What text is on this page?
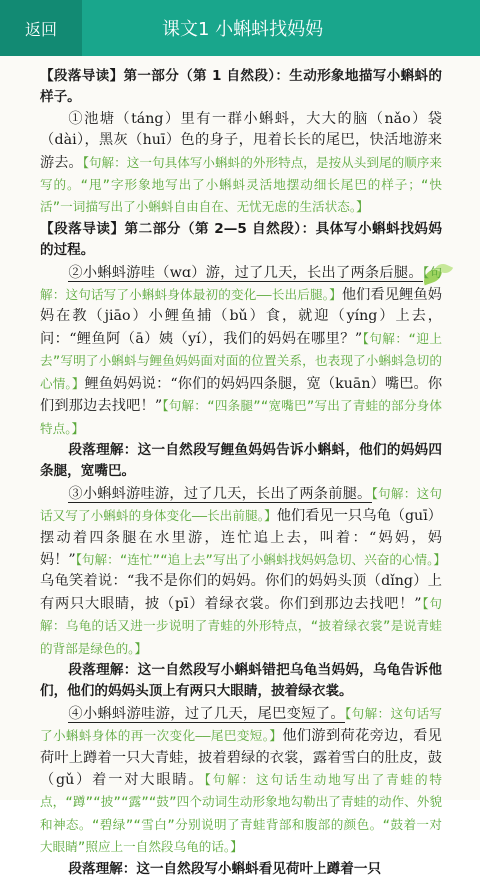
返回	课文1 小蝌蚪找妈妈

【段落导读】第一部分（第 1 自然段）：生动形象地描写小蝌蚪的样子。

①池塘（táng）里有一群小蝌蚪，大大的脑（nǎo）袋（dài），黑灰（huī）色的身子，甩着长长的尾巴，快活地游来游去。【句解：这一句具体写小蝌蚪的外形特点，是按从头到尾的顺序来写的。“甩”字形象地写出了小蝌蚪灵活地摆动细长尾巴的样子；“快活”一词描写出了小蝌蚪自由自在、无忧无虑的生活状态。】

【段落导读】第二部分（第 2—5 自然段）：具体写小蝌蚪找妈妈的过程。

②小蝌蚪游哇（wɑ）游，过了几天，长出了两条后腿。【句解：这句话写了小蝌蚪身体最初的变化——长出后腿。】他们看见鲤鱼妈妈在教（jiāo）小鲤鱼捕（bǔ）食，就迎（yíng）上去，问：“鲤鱼阿（ā）姨（yí），我们的妈妈在哪里？”【句解：“迎上去”写明了小蝌蚪与鲤鱼妈妈面对面的位置关系，也表现了小蝌蚪急切的心情。】鲤鱼妈妈说：“你们的妈妈四条腿，宽（kuān）嘴巴。你们到那边去找吧！”【句解：“四条腿”“宽嘴巴”写出了青蛙的部分身体特点。】

段落理解：这一自然段写鲤鱼妈妈告诉小蝌蚪，他们的妈妈四条腿，宽嘴巴。

③小蝌蚪游哇游，过了几天，长出了两条前腿。【句解：这句话又写了小蝌蚪的身体变化——长出前腿。】他们看见一只乌龟（guī）摆动着四条腿在水里游，连忙追上去，叫着：“妈妈，妈妈！”【句解：“连忙”“追上去”写出了小蝌蚪找妈妈急切、兴奋的心情。】乌龟笑着说：“我不是你们的妈妈。你们的妈妈头顶（dǐng）上有两只大眼睛，披（pī）着绿衣裳。你们到那边去找吧！”【句解：乌龟的话又进一步说明了青蛙的外形特点，“披着绿衣裳”是说青蛙的背部是绿色的。】

段落理解：这一自然段写小蝌蚪错把乌龟当妈妈，乌龟告诉他们，他们的妈妈头顶上有两只大眼睛，披着绿衣裳。

④小蝌蚪游哇游，过了几天，尾巴变短了。【句解：这句话写了小蝌蚪身体的再一次变化——尾巴变短。】他们游到荷花旁边，看见荷叶上蹲着一只大青蛙，披着碧绿的衣裳，露着雪白的肚皮，鼓（gǔ）着一对大眼睛。【句解：这句话生动地写出了青蛙的特点，“蹲”“披”“露”“鼓”四个动词生动形象地勾勒出了青蛙的动作、外貌和神态。“碧绿”“雪白”分别说明了青蛙背部和腹部的颜色。“鼓着一对大眼睛”照应上一自然段乌龟的话。】

段落理解：这一自然段写小蝌蚪看见荷叶上蹲着一只
